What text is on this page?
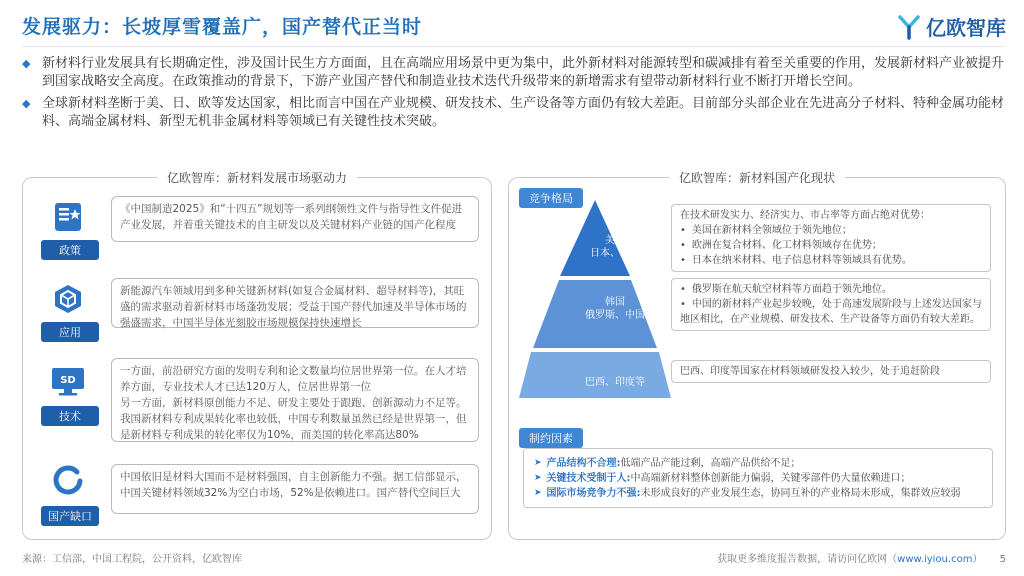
发展驱力：长坡厚雪覆盖广，国产替代正当时	亿欧智库
◆ 新材料行业发展具有长期确定性，涉及国计民生方方面面，且在高端应用场景中更为集中，此外新材料对能源转型和碳减排有着至关重要的作用，发展新材料产业被提升到国家战略安全高度。在政策推动的背景下，下游产业国产替代和制造业技术迭代升级带来的新增需求有望带动新材料行业不断打开增长空间。
◆ 全球新材料垄断于美、日、欧等发达国家，相比而言中国在产业规模、研发技术、生产设备等方面仍有较大差距。目前部分头部企业在先进高分子材料、特种金属功能材料、高端金属材料、新型无机非金属材料等领域已有关键性技术突破。
亿欧智库：新材料发展市场驱动力
政策
《中国制造2025》和“十四五”规划等一系列纲领性文件与指导性文件促进产业发展，并着重关键技术的自主研发以及关键材料产业链的国产化程度
应用
新能源汽车领域用到多种关键新材料(如复合金属材料、超导材料等)，其旺盛的需求驱动着新材料市场蓬勃发展；受益于国产替代加速及半导体市场的强盛需求，中国半导体光刻胶市场规模保持快速增长
SD
技术
一方面，前沿研究方面的发明专利和论文数量均位居世界第一位。在人才培养方面，专业技术人才已达120万人，位居世界第一位
另一方面，新材料原创能力不足、研发主要处于跟跑、创新源动力不足等。我国新材料专利成果转化率也较低，中国专利数量虽然已经是世界第一，但是新材料专利成果的转化率仅为10%，而美国的转化率高达80%
国产缺口
中国依旧是材料大国而不是材料强国，自主创新能力不强。据工信部显示，中国关键材料领域32%为空白市场，52%是依赖进口。国产替代空间巨大
亿欧智库：新材料国产化现状
竞争格局
美国
日本、欧洲
韩国
俄罗斯、中国
巴西、印度等
在技术研发实力、经济实力、市占率等方面占绝对优势：
• 美国在新材料全领域位于领先地位；
• 欧洲在复合材料、化工材料领域存在优势；
• 日本在纳米材料、电子信息材料等领域具有优势。
• 俄罗斯在航天航空材料等方面趋于领先地位。
• 中国的新材料产业起步较晚，处于高速发展阶段与上述发达国家与地区相比，在产业规模、研发技术、生产设备等方面仍有较大差距。
巴西、印度等国家在材料领域研发投入较少，处于追赶阶段
➤ 产品结构不合理:低端产品产能过剩，高端产品供给不足；
➤ 关键技术受制于人:中高端新材料整体创新能力偏弱，关键零部件仍大量依赖进口；
➤ 国际市场竞争力不强:未形成良好的产业发展生态，协同互补的产业格局未形成，集群效应较弱
制约因素
来源：工信部，中国工程院，公开资料，亿欧智库	获取更多维度报告数据，请访问亿欧网（www.iyiou.com） 5
